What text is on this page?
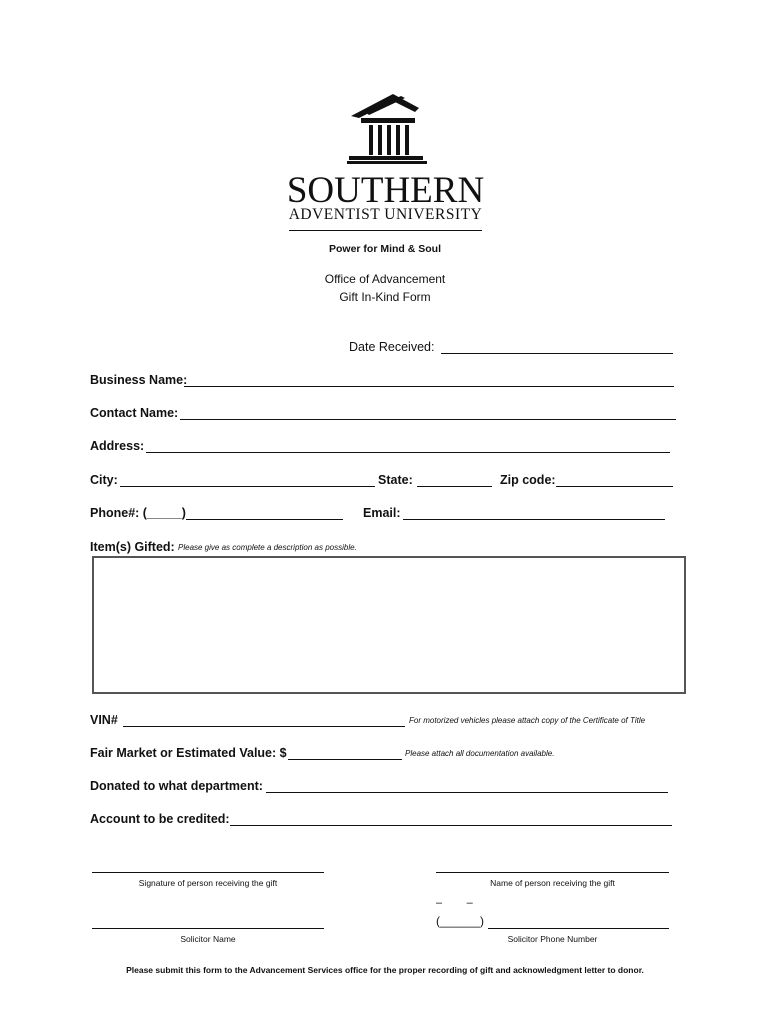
SOUTHERN
ADVENTIST UNIVERSITY
Power for Mind & Soul
Office of Advancement
Gift In-Kind Form
Date Received:
Business Name:
Contact Name:
Address:
City:	State:	Zip code:
Phone#: (_____)	Email:
Item(s) Gifted: Please give as complete a description as possible.
VIN#	For motorized vehicles please attach copy of the Certificate of Title
Fair Market or Estimated Value: $	Please attach all documentation available.
Donated to what department:
Account to be credited:
Signature of person receiving the gift	Name of person receiving the gift
–        –
Solicitor Name
(______)
Solicitor Phone Number
Please submit this form to the Advancement Services office for the proper recording of gift and acknowledgment letter to donor.
